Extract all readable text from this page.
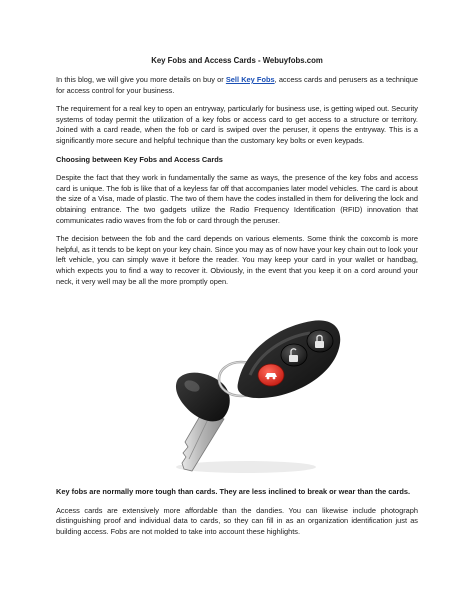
Key Fobs and Access Cards - Webuyfobs.com

In this blog, we will give you more details on buy or Sell Key Fobs, access cards and perusers as a technique for access control for your business.

The requirement for a real key to open an entryway, particularly for business use, is getting wiped out. Security systems of today permit the utilization of a key fobs or access card to get access to a structure or territory. Joined with a card reade, when the fob or card is swiped over the peruser, it opens the entryway. This is a significantly more secure and helpful technique than the customary key bolts or even keypads.

Choosing between Key Fobs and Access Cards

Despite the fact that they work in fundamentally the same as ways, the presence of the key fobs and access card is unique. The fob is like that of a keyless far off that accompanies later model vehicles. The card is about the size of a Visa, made of plastic. The two of them have the codes installed in them for delivering the lock and obtaining entrance. The two gadgets utilize the Radio Frequency Identification (RFID) innovation that communicates radio waves from the fob or card through the peruser.

The decision between the fob and the card depends on various elements. Some think the coxcomb is more helpful, as it tends to be kept on your key chain. Since you may as of now have your key chain out to look your left vehicle, you can simply wave it before the reader. You may keep your card in your wallet or handbag, which expects you to find a way to recover it. Obviously, in the event that you keep it on a cord around your neck, it very well may be all the more promptly open.

Key fobs are normally more tough than cards. They are less inclined to break or wear than the cards.

Access cards are extensively more affordable than the dandies. You can likewise include photograph distinguishing proof and individual data to cards, so they can fill in as an organization identification just as building access. Fobs are not molded to take into account these highlights.
